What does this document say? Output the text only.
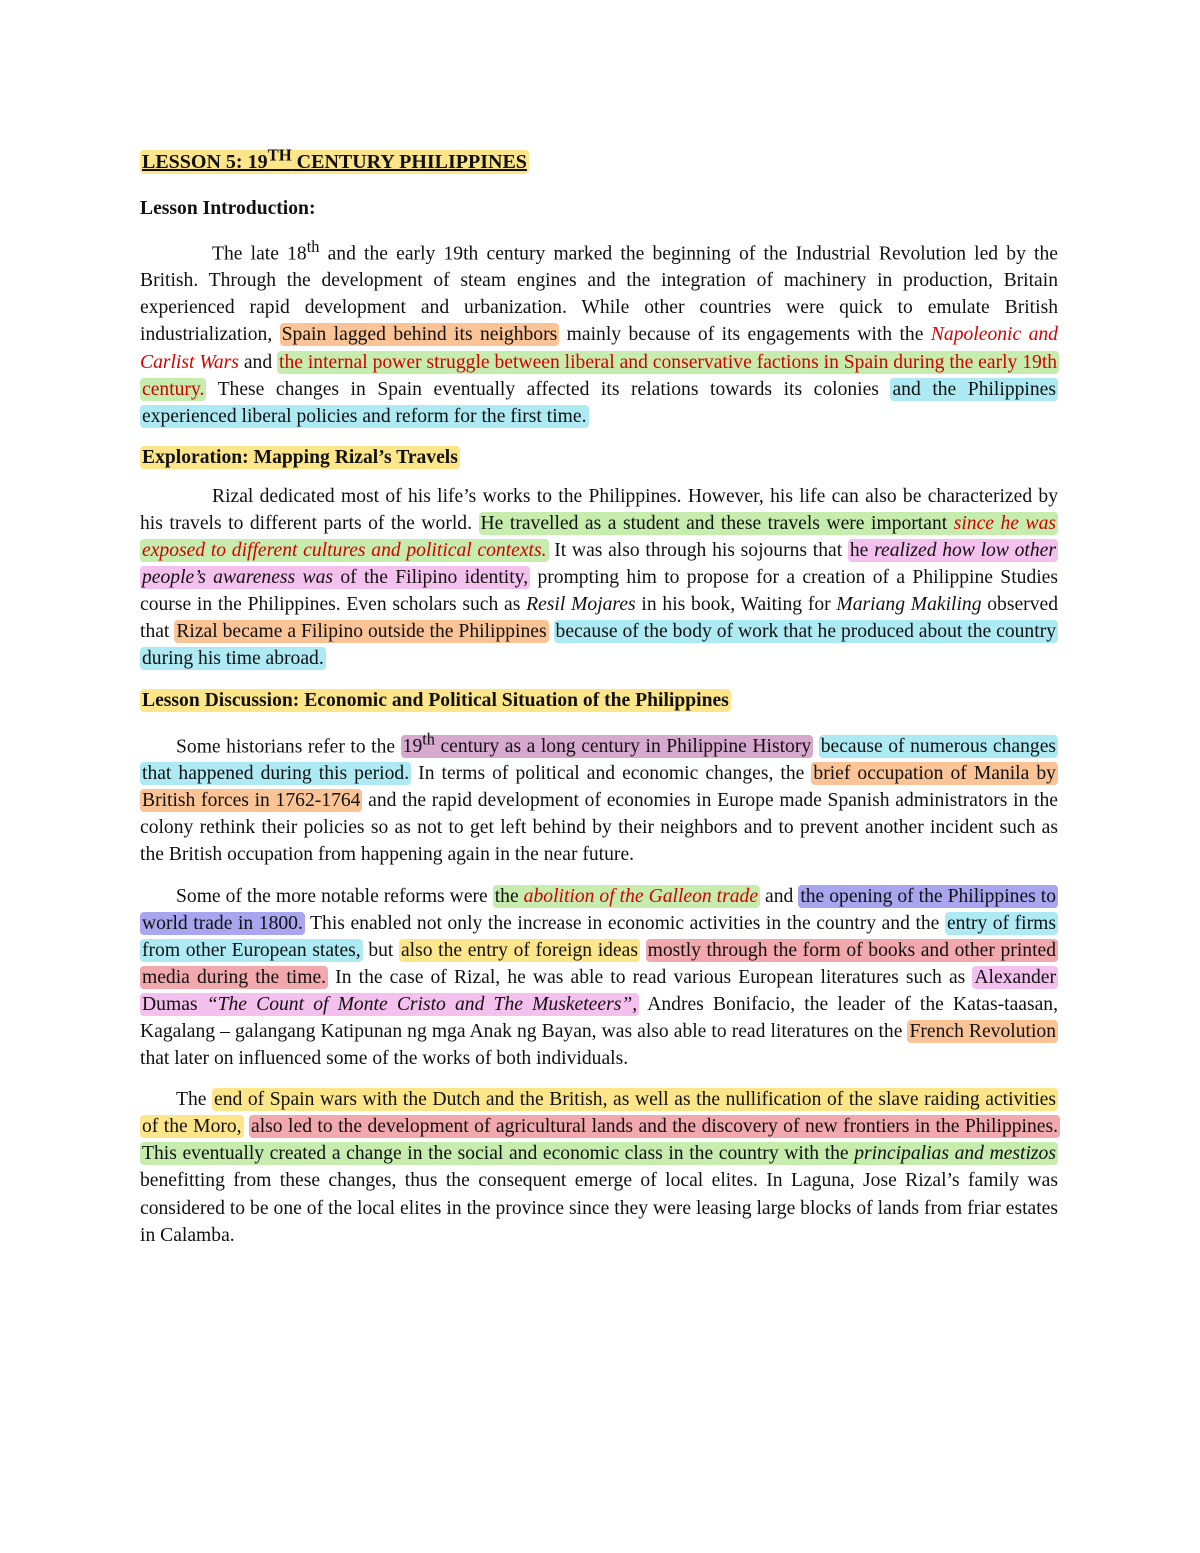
LESSON 5: 19TH CENTURY PHILIPPINES
Lesson Introduction:

The late 18th and the early 19th century marked the beginning of the Industrial Revolution led by the British. Through the development of steam engines and the integration of machinery in production, Britain experienced rapid development and urbanization. While other countries were quick to emulate British industrialization, Spain lagged behind its neighbors mainly because of its engagements with the Napoleonic and Carlist Wars and the internal power struggle between liberal and conservative factions in Spain during the early 19th century. These changes in Spain eventually affected its relations towards its colonies and the Philippines experienced liberal policies and reform for the first time.

Exploration: Mapping Rizal’s Travels

Rizal dedicated most of his life’s works to the Philippines. However, his life can also be characterized by his travels to different parts of the world. He travelled as a student and these travels were important since he was exposed to different cultures and political contexts. It was also through his sojourns that he realized how low other people’s awareness was of the Filipino identity, prompting him to propose for a creation of a Philippine Studies course in the Philippines. Even scholars such as Resil Mojares in his book, Waiting for Mariang Makiling observed that Rizal became a Filipino outside the Philippines because of the body of work that he produced about the country during his time abroad.

Lesson Discussion: Economic and Political Situation of the Philippines

Some historians refer to the 19th century as a long century in Philippine History because of numerous changes that happened during this period. In terms of political and economic changes, the brief occupation of Manila by British forces in 1762-1764 and the rapid development of economies in Europe made Spanish administrators in the colony rethink their policies so as not to get left behind by their neighbors and to prevent another incident such as the British occupation from happening again in the near future.

Some of the more notable reforms were the abolition of the Galleon trade and the opening of the Philippines to world trade in 1800. This enabled not only the increase in economic activities in the country and the entry of firms from other European states, but also the entry of foreign ideas mostly through the form of books and other printed media during the time. In the case of Rizal, he was able to read various European literatures such as Alexander Dumas “The Count of Monte Cristo and The Musketeers”, Andres Bonifacio, the leader of the Katas-taasan, Kagalang – galangang Katipunan ng mga Anak ng Bayan, was also able to read literatures on the French Revolution that later on influenced some of the works of both individuals.

The end of Spain wars with the Dutch and the British, as well as the nullification of the slave raiding activities of the Moro, also led to the development of agricultural lands and the discovery of new frontiers in the Philippines. This eventually created a change in the social and economic class in the country with the principalias and mestizos benefitting from these changes, thus the consequent emerge of local elites. In Laguna, Jose Rizal’s family was considered to be one of the local elites in the province since they were leasing large blocks of lands from friar estates in Calamba.
